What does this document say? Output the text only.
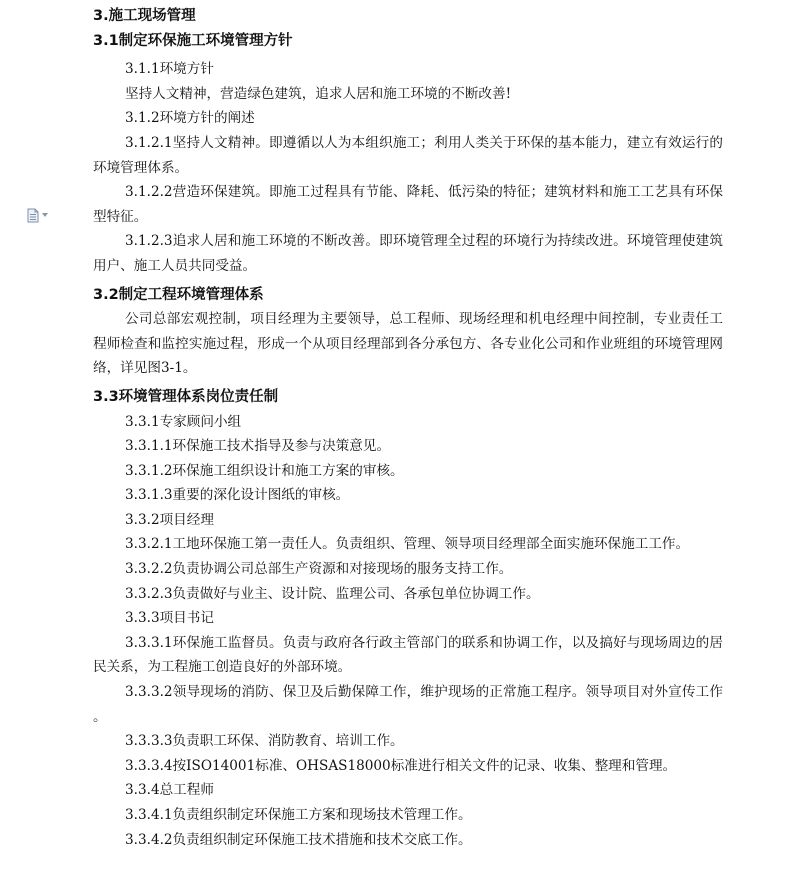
3.施工现场管理
3.1制定环保施工环境管理方针
3.1.1环境方针
坚持人文精神，营造绿色建筑，追求人居和施工环境的不断改善!
3.1.2环境方针的阐述
3.1.2.1坚持人文精神。即遵循以人为本组织施工；利用人类关于环保的基本能力，建立有效运行的环境管理体系。
3.1.2.2营造环保建筑。即施工过程具有节能、降耗、低污染的特征；建筑材料和施工工艺具有环保型特征。
3.1.2.3追求人居和施工环境的不断改善。即环境管理全过程的环境行为持续改进。环境管理使建筑用户、施工人员共同受益。
3.2制定工程环境管理体系
公司总部宏观控制，项目经理为主要领导，总工程师、现场经理和机电经理中间控制，专业责任工程师检查和监控实施过程，形成一个从项目经理部到各分承包方、各专业化公司和作业班组的环境管理网络，详见图3-1。
3.3环境管理体系岗位责任制
3.3.1专家顾问小组
3.3.1.1环保施工技术指导及参与决策意见。
3.3.1.2环保施工组织设计和施工方案的审核。
3.3.1.3重要的深化设计图纸的审核。
3.3.2项目经理
3.3.2.1工地环保施工第一责任人。负责组织、管理、领导项目经理部全面实施环保施工工作。
3.3.2.2负责协调公司总部生产资源和对接现场的服务支持工作。
3.3.2.3负责做好与业主、设计院、监理公司、各承包单位协调工作。
3.3.3项目书记
3.3.3.1环保施工监督员。负责与政府各行政主管部门的联系和协调工作，以及搞好与现场周边的居民关系，为工程施工创造良好的外部环境。
3.3.3.2领导现场的消防、保卫及后勤保障工作，维护现场的正常施工程序。领导项目对外宣传工作 。
3.3.3.3负责职工环保、消防教育、培训工作。
3.3.3.4按ISO14001标准、OHSAS18000标准进行相关文件的记录、收集、整理和管理。
3.3.4总工程师
3.3.4.1负责组织制定环保施工方案和现场技术管理工作。
3.3.4.2负责组织制定环保施工技术措施和技术交底工作。
